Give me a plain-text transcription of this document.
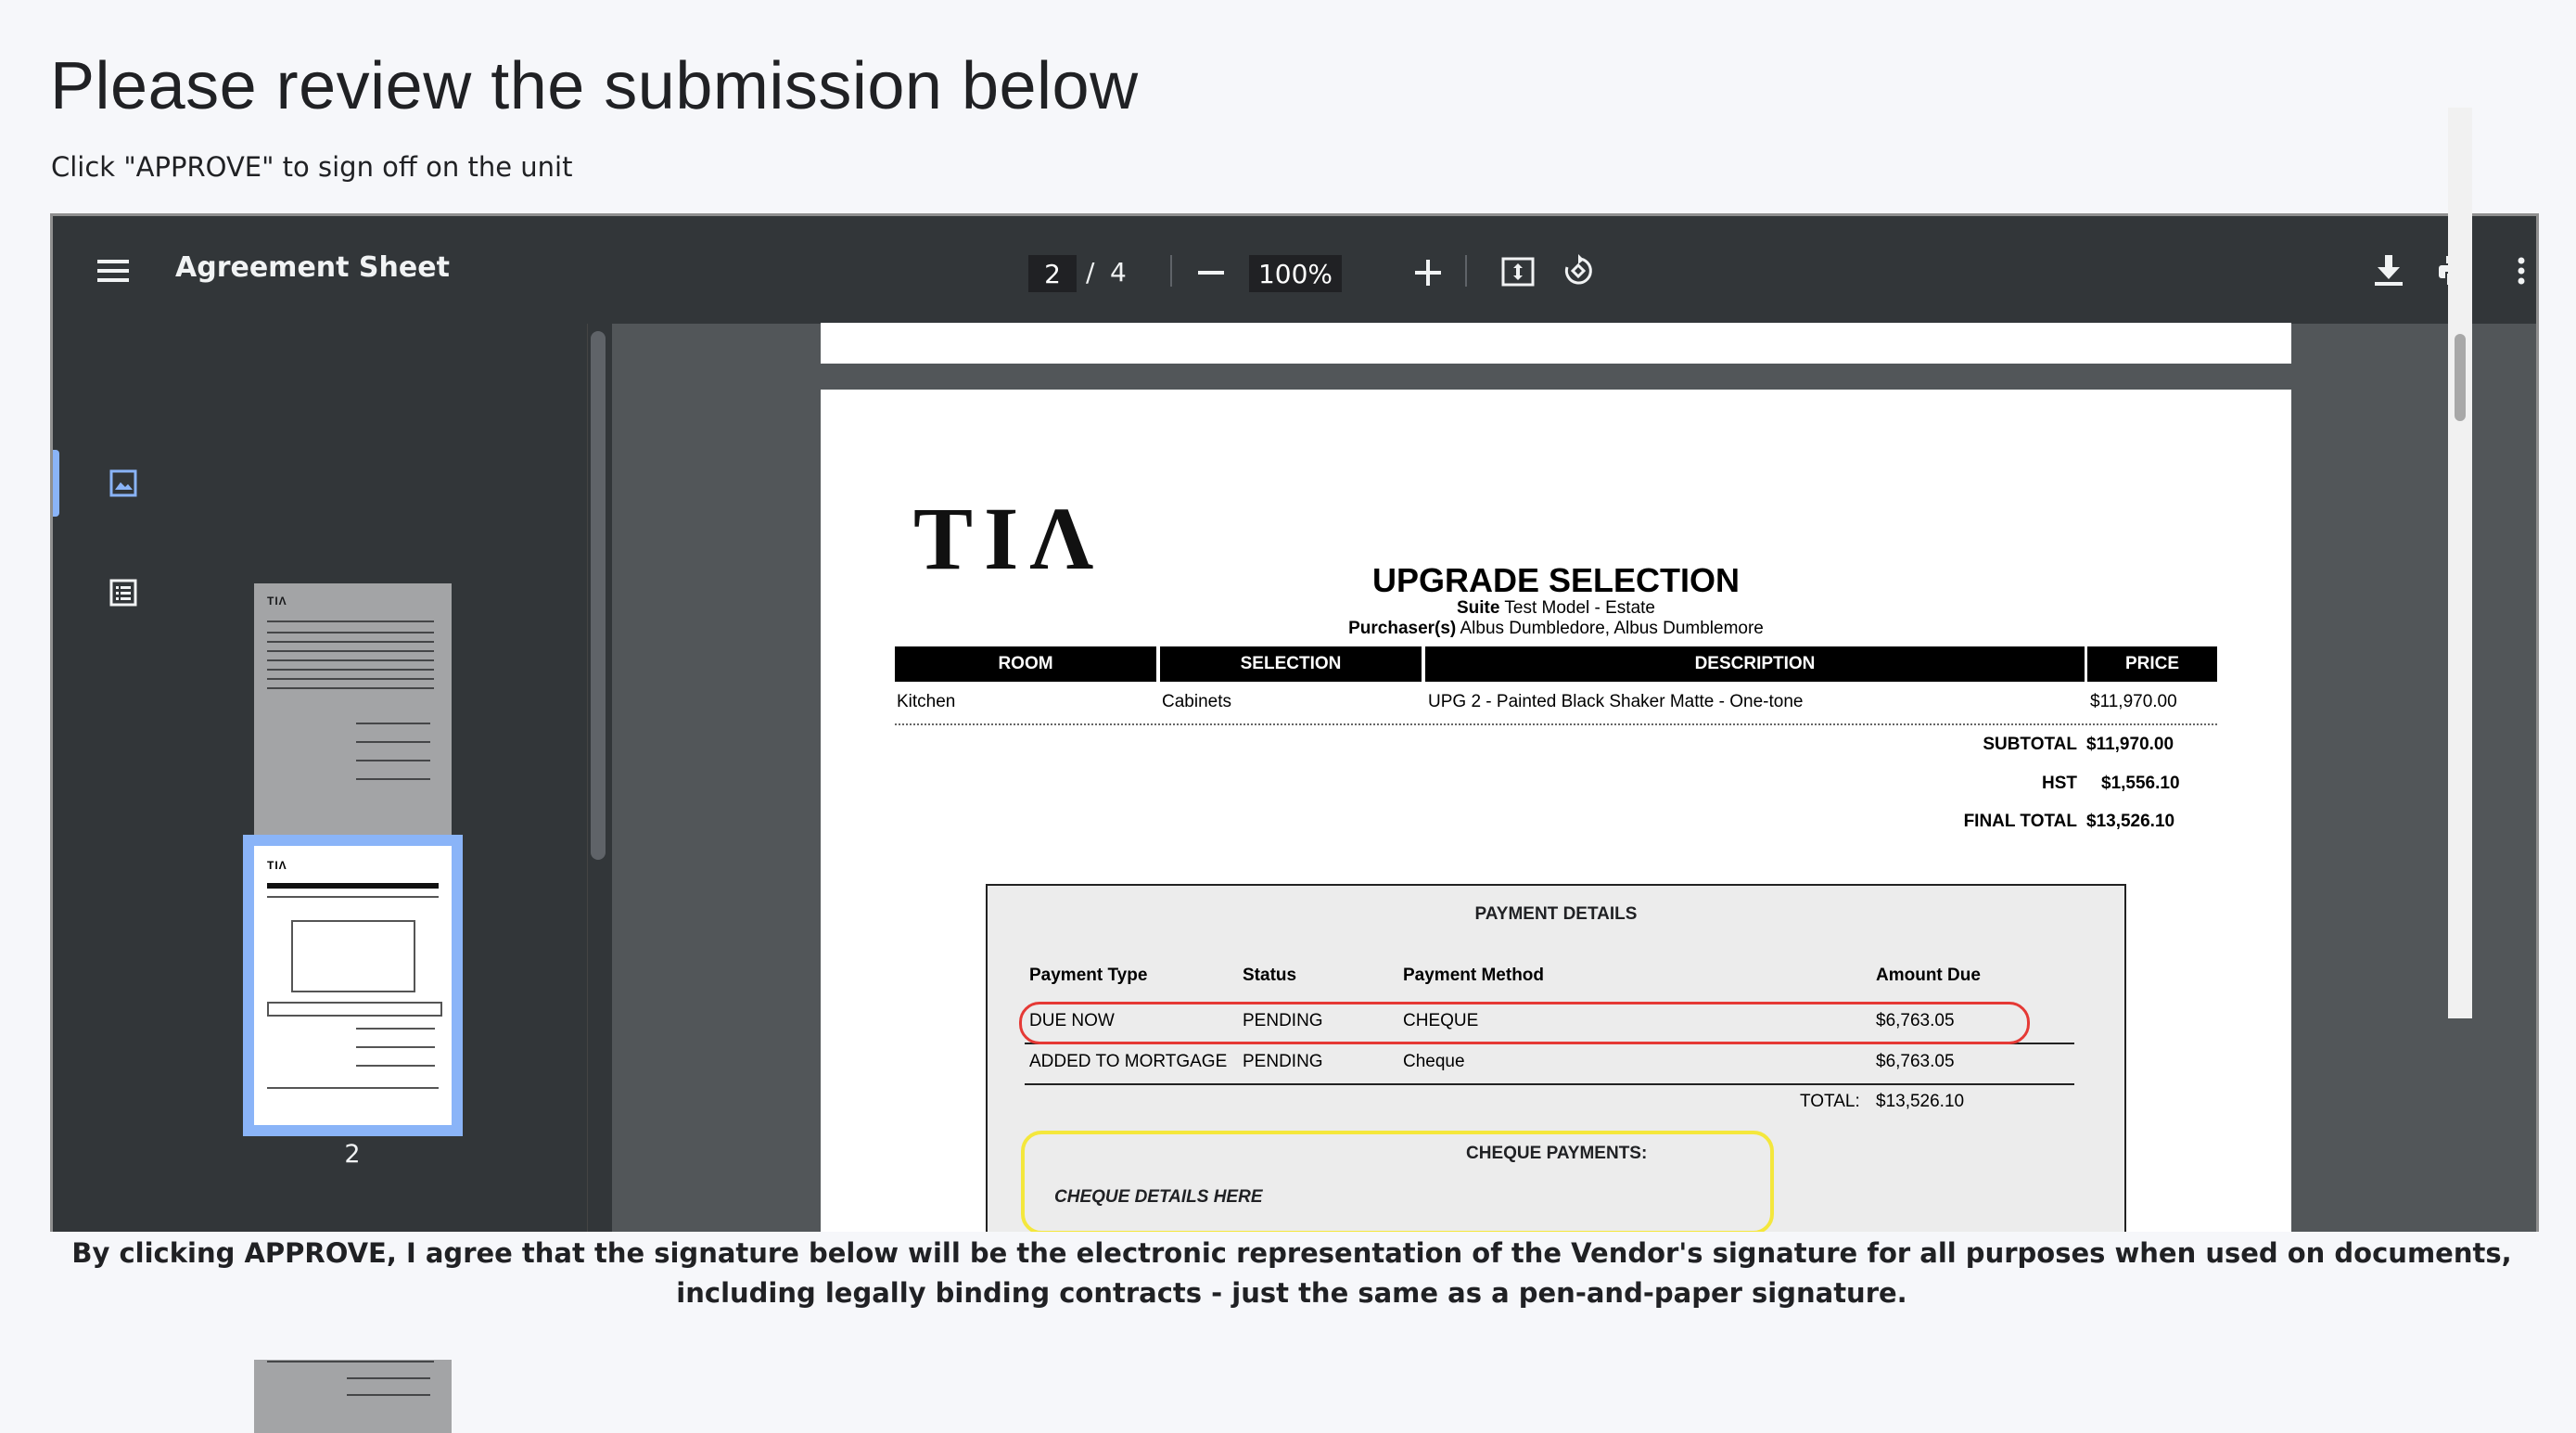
Please review the submission below
Click "APPROVE" to sign off on the unit
Agreement Sheet	2 / 4	100%
TIΛ
TIΛ
2
TIΛ	UPGRADE SELECTION
Suite Test Model - Estate
Purchaser(s) Albus Dumbledore, Albus Dumblemore
ROOM	SELECTION	DESCRIPTION	PRICE
Kitchen	Cabinets	UPG 2 - Painted Black Shaker Matte - One-tone	$11,970.00
SUBTOTAL $11,970.00
HST $1,556.10
FINAL TOTAL $13,526.10
PAYMENT DETAILS
Payment Type	Status	Payment Method	Amount Due
DUE NOW	PENDING	CHEQUE	$6,763.05
ADDED TO MORTGAGE PENDING	Cheque	$6,763.05
TOTAL: $13,526.10
CHEQUE PAYMENTS:
CHEQUE DETAILS HERE
By clicking APPROVE, I agree that the signature below will be the electronic representation of the Vendor's signature for all purposes when used on documents, including legally binding contracts - just the same as a pen-and-paper signature.
